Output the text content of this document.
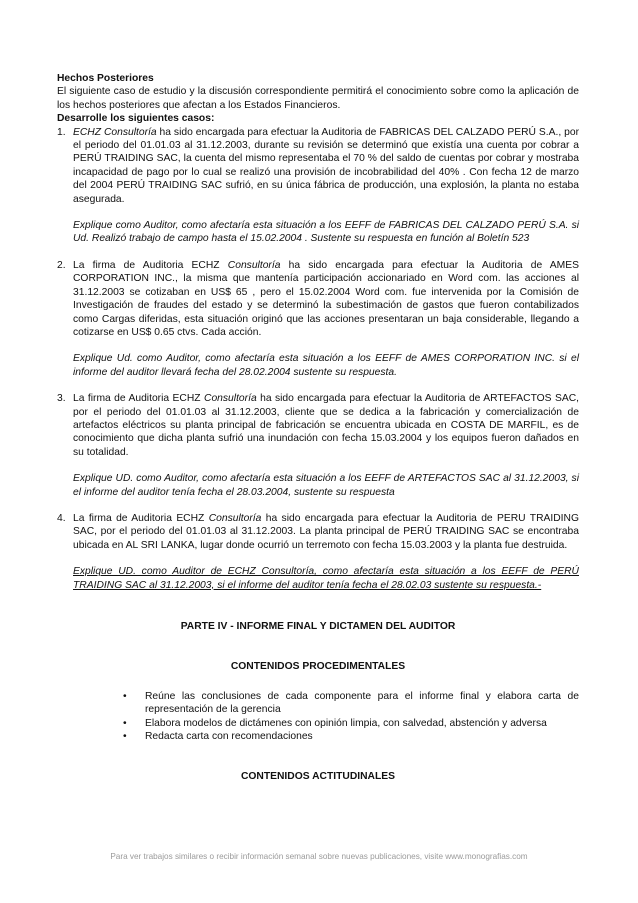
Hechos Posteriores

El siguiente caso de estudio y la discusión correspondiente permitirá el conocimiento sobre como la aplicación de los hechos posteriores que afectan a los Estados Financieros.

Desarrolle los siguientes casos:

1. ECHZ Consultoría ha sido encargada para efectuar la Auditoria de FABRICAS DEL CALZADO PERÚ S.A., por el periodo del 01.01.03 al 31.12.2003, durante su revisión se determinó que existía una cuenta por cobrar a PERÚ TRAIDING SAC, la cuenta del mismo representaba el 70 % del saldo de cuentas por cobrar y mostraba incapacidad de pago por lo cual se realizó una provisión de incobrabilidad del 40% . Con fecha 12 de marzo del 2004 PERÚ TRAIDING SAC sufrió, en su única fábrica de producción, una explosión, la planta no estaba asegurada.

Explique como Auditor, como afectaría esta situación a los EEFF de FABRICAS DEL CALZADO PERÚ S.A. si Ud. Realizó trabajo de campo hasta el 15.02.2004 . Sustente su respuesta en función al Boletín 523

2. La firma de Auditoria ECHZ Consultoría ha sido encargada para efectuar la Auditoria de AMES CORPORATION INC., la misma que mantenía participación accionariado en Word com. las acciones al 31.12.2003 se cotizaban en US$ 65 , pero el 15.02.2004 Word com. fue intervenida por la Comisión de Investigación de fraudes del estado y se determinó la subestimación de gastos que fueron contabilizados como Cargas diferidas, esta situación originó que las acciones presentaran un baja considerable, llegando a cotizarse en US$ 0.65 ctvs. Cada acción.

Explique Ud. como Auditor, como afectaría esta situación a los EEFF de AMES CORPORATION INC. si el informe del auditor llevará fecha del 28.02.2004 sustente su respuesta.

3. La firma de Auditoria ECHZ Consultoría ha sido encargada para efectuar la Auditoria de ARTEFACTOS SAC, por el periodo del 01.01.03 al 31.12.2003, cliente que se dedica a la fabricación y comercialización de artefactos eléctricos su planta principal de fabricación se encuentra ubicada en COSTA DE MARFIL, es de conocimiento que dicha planta sufrió una inundación con fecha 15.03.2004 y los equipos fueron dañados en su totalidad.

Explique UD. como Auditor, como afectaría esta situación a los EEFF de ARTEFACTOS SAC al 31.12.2003, si el informe del auditor tenía fecha el 28.03.2004, sustente su respuesta

4. La firma de Auditoria ECHZ Consultoría ha sido encargada para efectuar la Auditoria de PERU TRAIDING SAC, por el periodo del 01.01.03 al 31.12.2003. La planta principal de PERÚ TRAIDING SAC se encontraba ubicada en AL SRI LANKA, lugar donde ocurrió un terremoto con fecha 15.03.2003 y la planta fue destruida.

Explique UD. como Auditor de ECHZ Consultoría, como afectaría esta situación a los EEFF de PERÚ TRAIDING SAC al 31.12.2003, si el informe del auditor tenía fecha el 28.02.03 sustente su respuesta.-

PARTE IV - INFORME FINAL Y DICTAMEN DEL AUDITOR

CONTENIDOS PROCEDIMENTALES

• Reúne las conclusiones de cada componente para el informe final y elabora carta de representación de la gerencia
• Elabora modelos de dictámenes con opinión limpia, con salvedad, abstención y adversa
• Redacta carta con recomendaciones

CONTENIDOS ACTITUDINALES

Para ver trabajos similares o recibir información semanal sobre nuevas publicaciones, visite www.monografias.com
